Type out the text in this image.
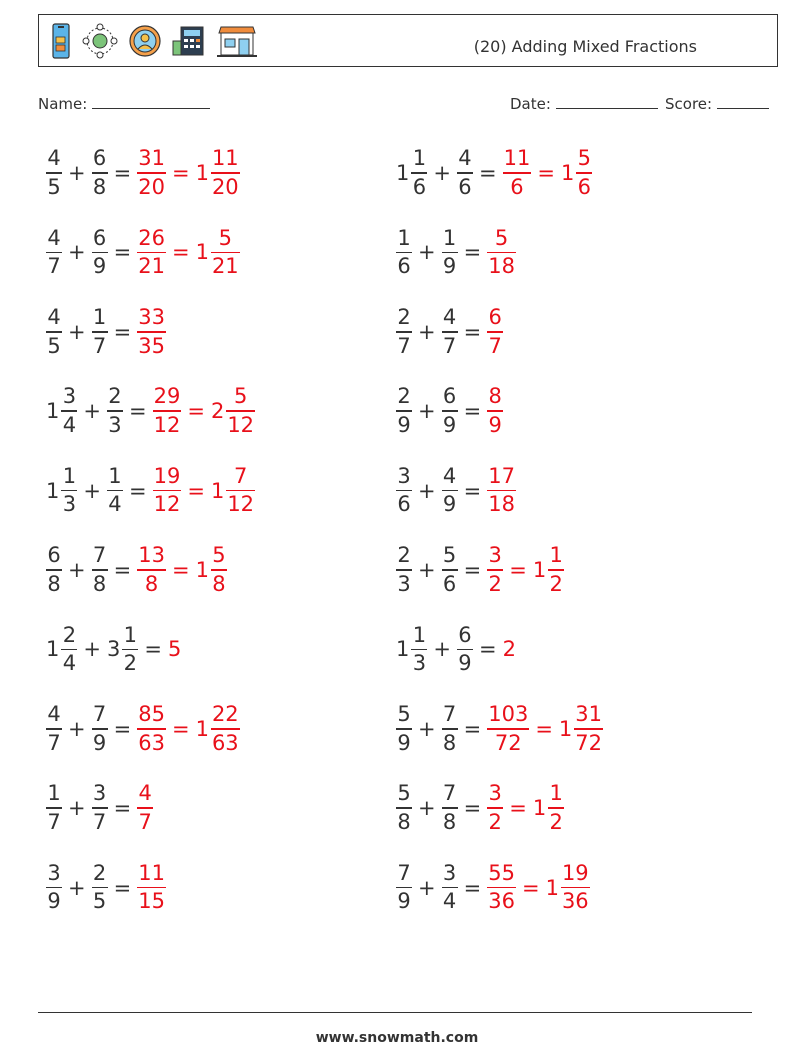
(20) Adding Mixed Fractions
Name:	Date:	Score:
$\frac{4}{5} + \frac{6}{8} = \frac{31}{20} = 1 \frac{11}{20}$	$1 \frac{1}{6} + \frac{4}{6} = \frac{11}{6} = 1 \frac{5}{6}$
$\frac{4}{7} + \frac{6}{9} = \frac{26}{21} = 1 \frac{5}{21}$	$\frac{1}{6} + \frac{1}{9} = \frac{5}{18}$
$\frac{4}{5} + \frac{1}{7} = \frac{33}{35}$	$\frac{2}{7} + \frac{4}{7} = \frac{6}{7}$
$1 \frac{3}{4} + \frac{2}{3} = \frac{29}{12} = 2 \frac{5}{12}$	$\frac{2}{9} + \frac{6}{9} = \frac{8}{9}$
$1 \frac{1}{3} + \frac{1}{4} = \frac{19}{12} = 1 \frac{7}{12}$	$\frac{3}{6} + \frac{4}{9} = \frac{17}{18}$
$\frac{6}{8} + \frac{7}{8} = \frac{13}{8} = 1 \frac{5}{8}$	$\frac{2}{3} + \frac{5}{6} = \frac{3}{2} = 1 \frac{1}{2}$
$1 \frac{2}{4} + 3 \frac{1}{2} = 5$	$1 \frac{1}{3} + \frac{6}{9} = 2$
$\frac{4}{7} + \frac{7}{9} = \frac{85}{63} = 1 \frac{22}{63}$	$\frac{5}{9} + \frac{7}{8} = \frac{103}{72} = 1 \frac{31}{72}$
$\frac{1}{7} + \frac{3}{7} = \frac{4}{7}$	$\frac{5}{8} + \frac{7}{8} = \frac{3}{2} = 1 \frac{1}{2}$
$\frac{3}{9} + \frac{2}{5} = \frac{11}{15}$	$\frac{7}{9} + \frac{3}{4} = \frac{55}{36} = 1 \frac{19}{36}$
www.snowmath.com
